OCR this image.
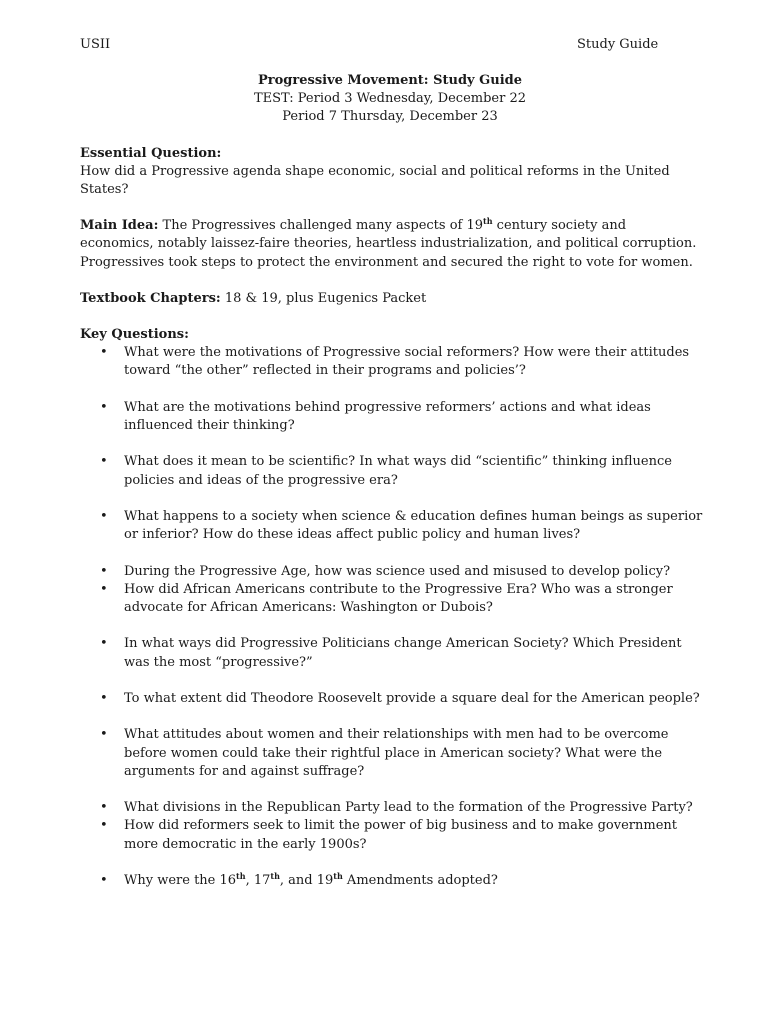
USII	Study Guide
Progressive Movement: Study Guide
TEST: Period 3 Wednesday, December 22
Period 7 Thursday, December 23
Essential Question:
How did a Progressive agenda shape economic, social and political reforms in the United States?
Main Idea: The Progressives challenged many aspects of 19th century society and economics, notably laissez-faire theories, heartless industrialization, and political corruption. Progressives took steps to protect the environment and secured the right to vote for women.
Textbook Chapters: 18 & 19, plus Eugenics Packet
Key Questions:
• What were the motivations of Progressive social reformers? How were their attitudes toward “the other” reflected in their programs and policies’?
• What are the motivations behind progressive reformers’ actions and what ideas influenced their thinking?
• What does it mean to be scientific? In what ways did “scientific” thinking influence policies and ideas of the progressive era?
• What happens to a society when science & education defines human beings as superior or inferior? How do these ideas affect public policy and human lives?
• During the Progressive Age, how was science used and misused to develop policy?
• How did African Americans contribute to the Progressive Era? Who was a stronger advocate for African Americans: Washington or Dubois?
• In what ways did Progressive Politicians change American Society? Which President was the most “progressive?”
• To what extent did Theodore Roosevelt provide a square deal for the American people?
• What attitudes about women and their relationships with men had to be overcome before women could take their rightful place in American society? What were the arguments for and against suffrage?
• What divisions in the Republican Party lead to the formation of the Progressive Party?
• How did reformers seek to limit the power of big business and to make government more democratic in the early 1900s?
• Why were the 16th, 17th, and 19th Amendments adopted?
